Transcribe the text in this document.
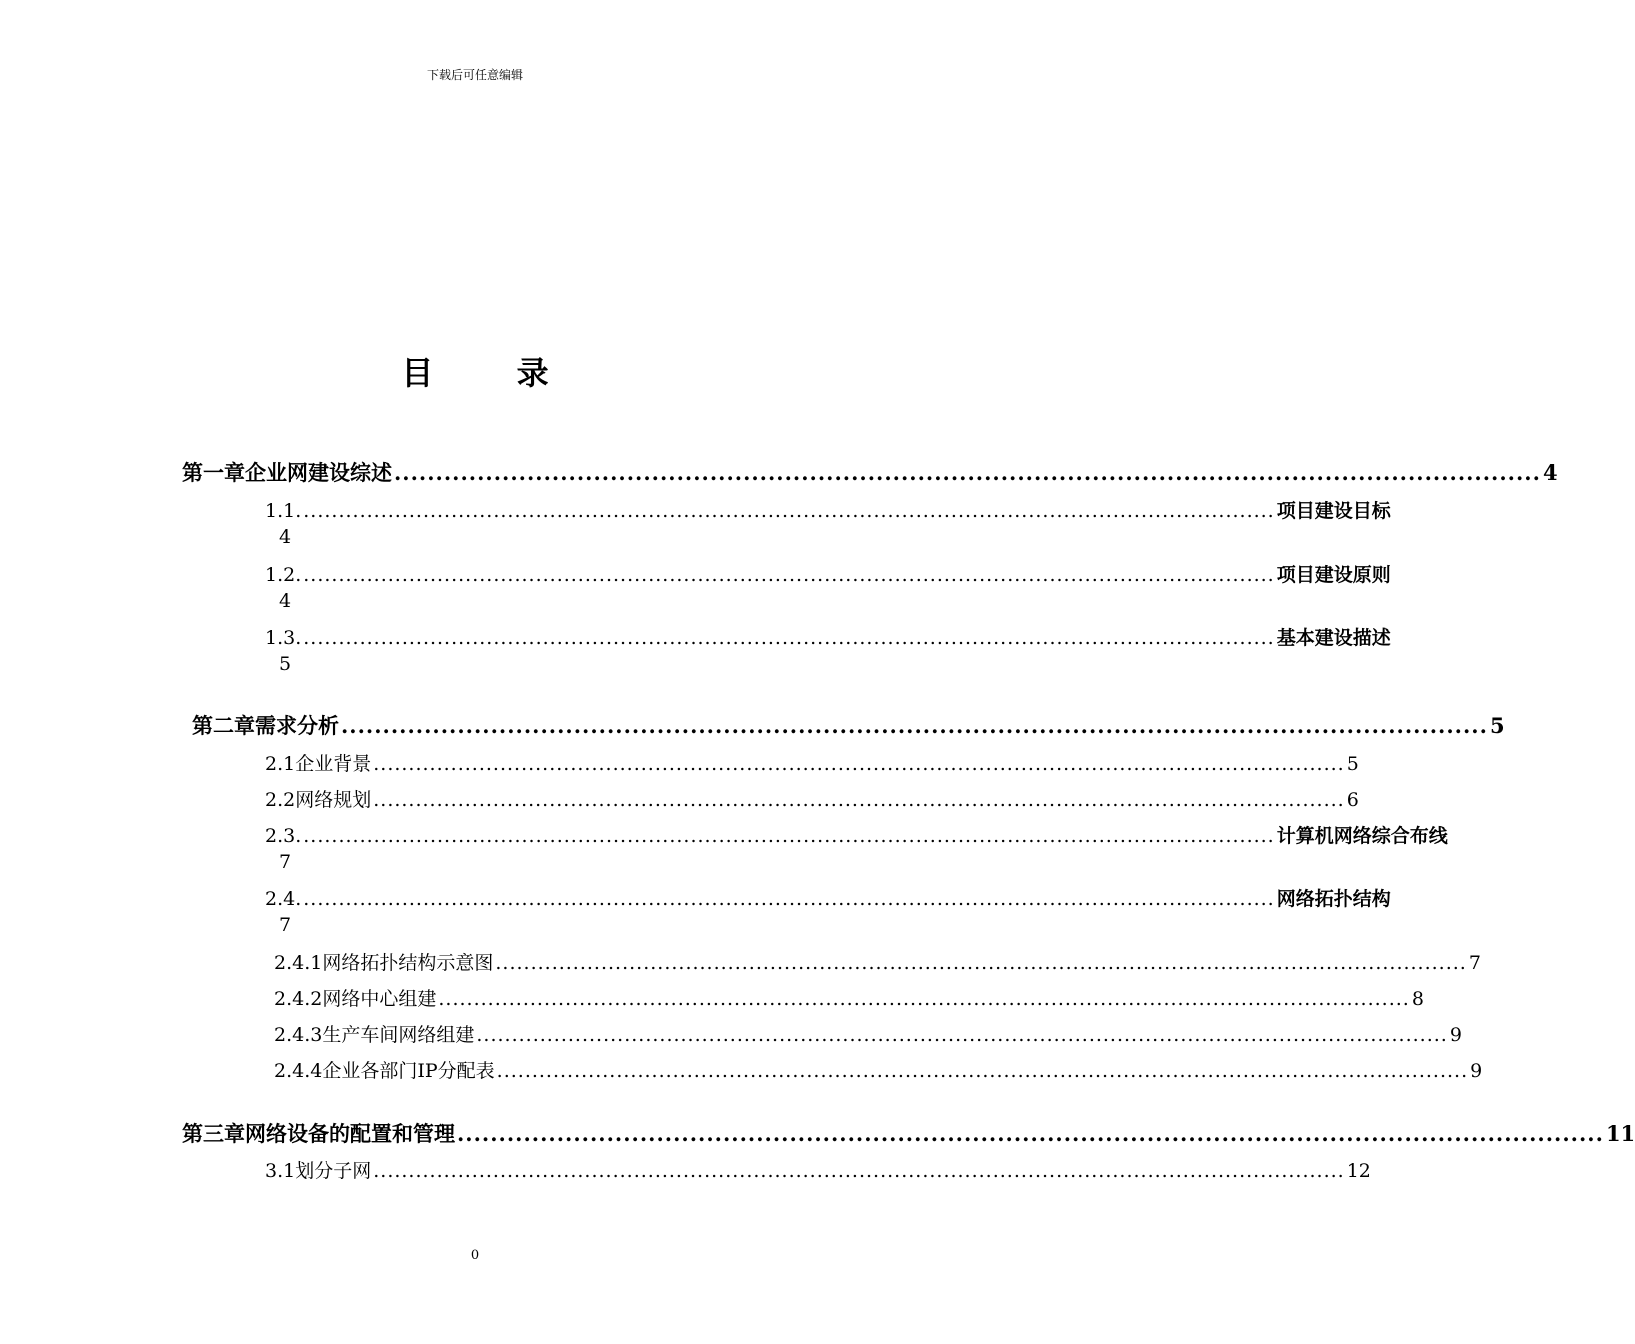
下载后可任意编辑
目 录
第一章 企业网建设综述 .......................................................................................................................................... 4
1.1. .......................................................................................................................................... 项目建设目标
4
1.2. .......................................................................................................................................... 项目建设原则
4
1.3. .......................................................................................................................................... 基本建设描述
5
第二章 需求分析 .......................................................................................................................................... 5
2.1 企业背景 .......................................................................................................................................... 5
2.2 网络规划 .......................................................................................................................................... 6
2.3. .......................................................................................................................................... 计算机网络综合布线
7
2.4. .......................................................................................................................................... 网络拓扑结构
7
2.4.1 网络拓扑结构示意图 .......................................................................................................................................... 7
2.4.2 网络中心组建 .......................................................................................................................................... 8
2.4.3 生产车间网络组建 .......................................................................................................................................... 9
2.4.4 企业各部门IP分配表 .......................................................................................................................................... 9
第三章 网络设备的配置和管理 .......................................................................................................................................... 11
3.1 划分子网 .......................................................................................................................................... 12
0
